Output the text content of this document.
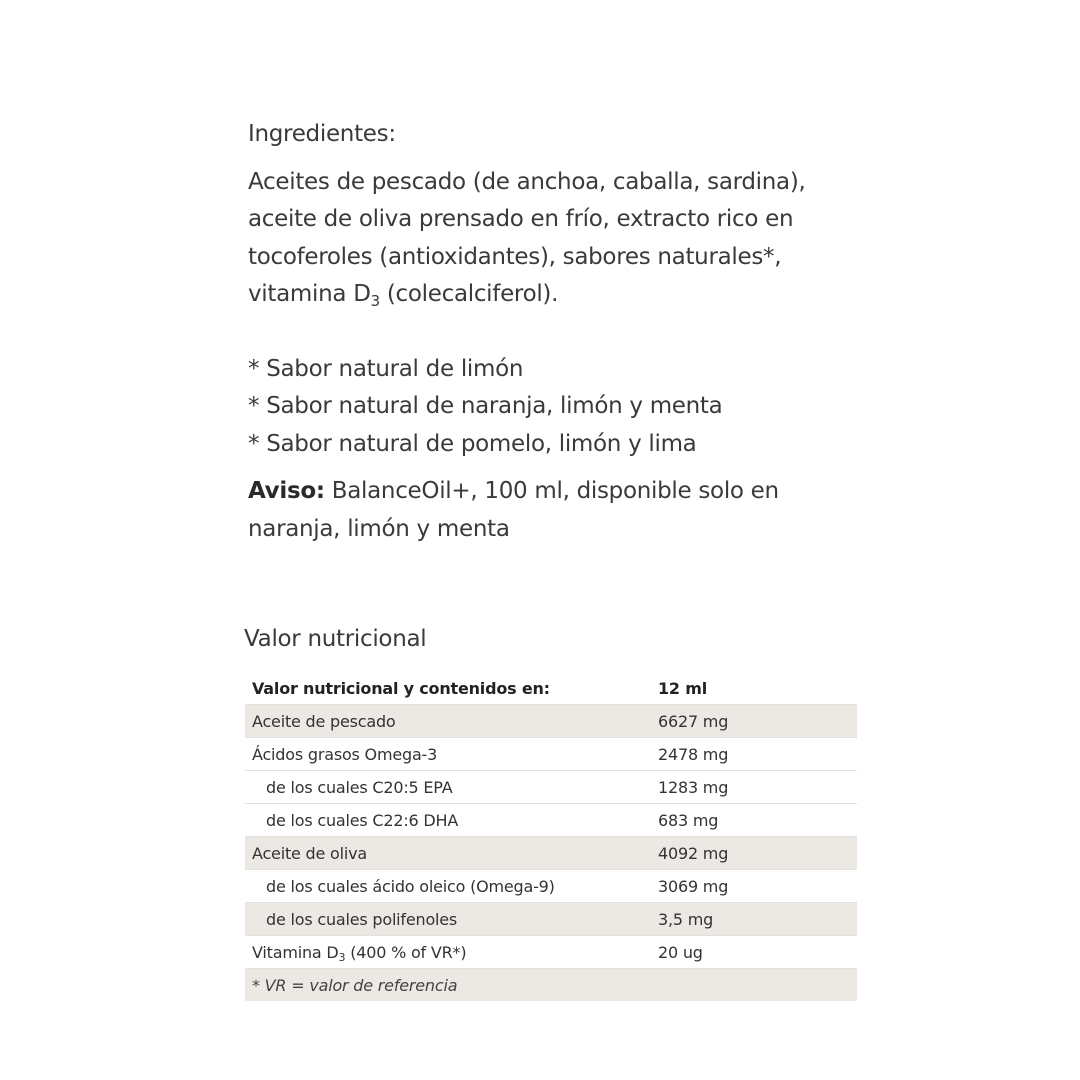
Ingredientes:

Aceites de pescado (de anchoa, caballa, sardina), aceite de oliva prensado en frío, extracto rico en tocoferoles (antioxidantes), sabores naturales*, vitamina $D_3$ (colecalciferol).

* Sabor natural de limón
* Sabor natural de naranja, limón y menta
* Sabor natural de pomelo, limón y lima

Aviso: BalanceOil+, 100 ml, disponible solo en naranja, limón y menta

Valor nutricional
Valor nutricional y contenidos en:	12 ml
Aceite de pescado	6627 mg
Ácidos grasos Omega-3	2478 mg
de los cuales C20:5 EPA	1283 mg
de los cuales C22:6 DHA	683 mg
Aceite de oliva	4092 mg
de los cuales ácido oleico (Omega-9)	3069 mg
de los cuales polifenoles	3,5 mg
Vitamina $D_3$ (400 % of VR*)	20 ug
* VR = valor de referencia	
